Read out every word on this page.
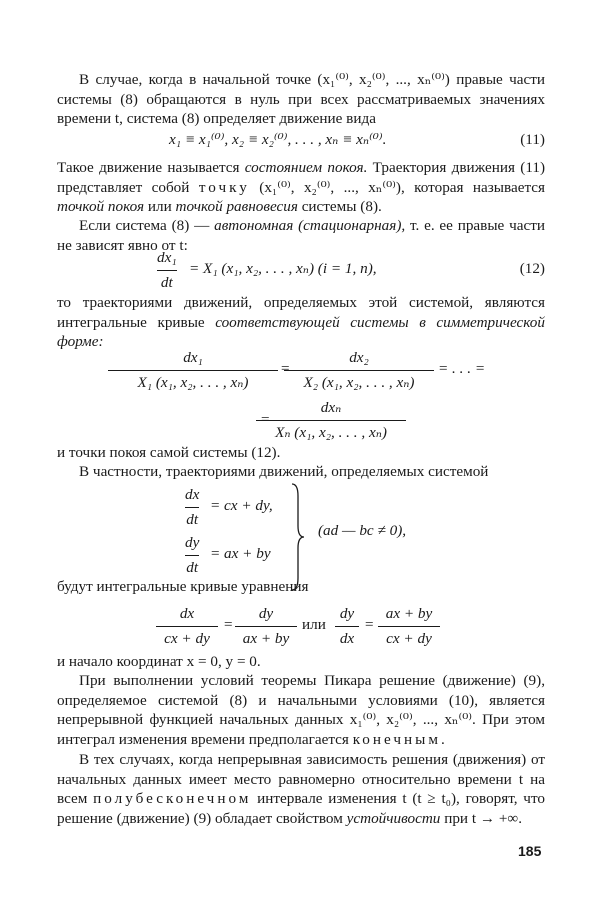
В случае, когда в начальной точке (x₁⁽⁰⁾, x₂⁽⁰⁾, ..., xₙ⁽⁰⁾) правые части системы (8) обращаются в нуль при всех рассматриваемых значениях времени t, система (8) определяет движение вида
x₁ ≡ x₁⁽⁰⁾, x₂ ≡ x₂⁽⁰⁾, . . . , xₙ ≡ xₙ⁽⁰⁾.	(11)
Такое движение называется состоянием покоя. Траектория движения (11) представляет собой точку (x₁⁽⁰⁾, x₂⁽⁰⁾, ..., xₙ⁽⁰⁾), которая называется точкой покоя или точкой равновесия системы (8).
Если система (8) — автономная (стационарная), т. е. ее правые части не зависят явно от t:
dx₁
dt
= X₁ (x₁, x₂, . . . , xₙ) (i = 1, n),	(12)
то траекториями движений, определяемых этой системой, являются интегральные кривые соответствующей системы в симметрической форме:
dx₁
X₁ (x₁, x₂, . . . , xₙ)
=
dx₂
X₂ (x₁, x₂, . . . , xₙ)
= . . . =
=
dxₙ
Xₙ (x₁, x₂, . . . , xₙ)
и точки покоя самой системы (12).
В частности, траекториями движений, определяемых системой
dx
dt
= cx + dy,
dy
dt
= ax + by
(ad — bc ≠ 0),
будут интегральные кривые уравнения
dx
cx + dy
=
dy
ax + by
или
dy
dx
=
ax + by
cx + dy
и начало координат x = 0, y = 0.
При выполнении условий теоремы Пикара решение (движение) (9), определяемое системой (8) и начальными условиями (10), является непрерывной функцией начальных данных x₁⁽⁰⁾, x₂⁽⁰⁾, ..., xₙ⁽⁰⁾. При этом интеграл изменения времени предполагается конечным.
В тех случаях, когда непрерывная зависимость решения (движения) от начальных данных имеет место равномерно относительно времени t на всем полубесконечном интервале изменения t (t ≥ t₀), говорят, что решение (движение) (9) обладает свойством устойчивости при t → +∞.
185
